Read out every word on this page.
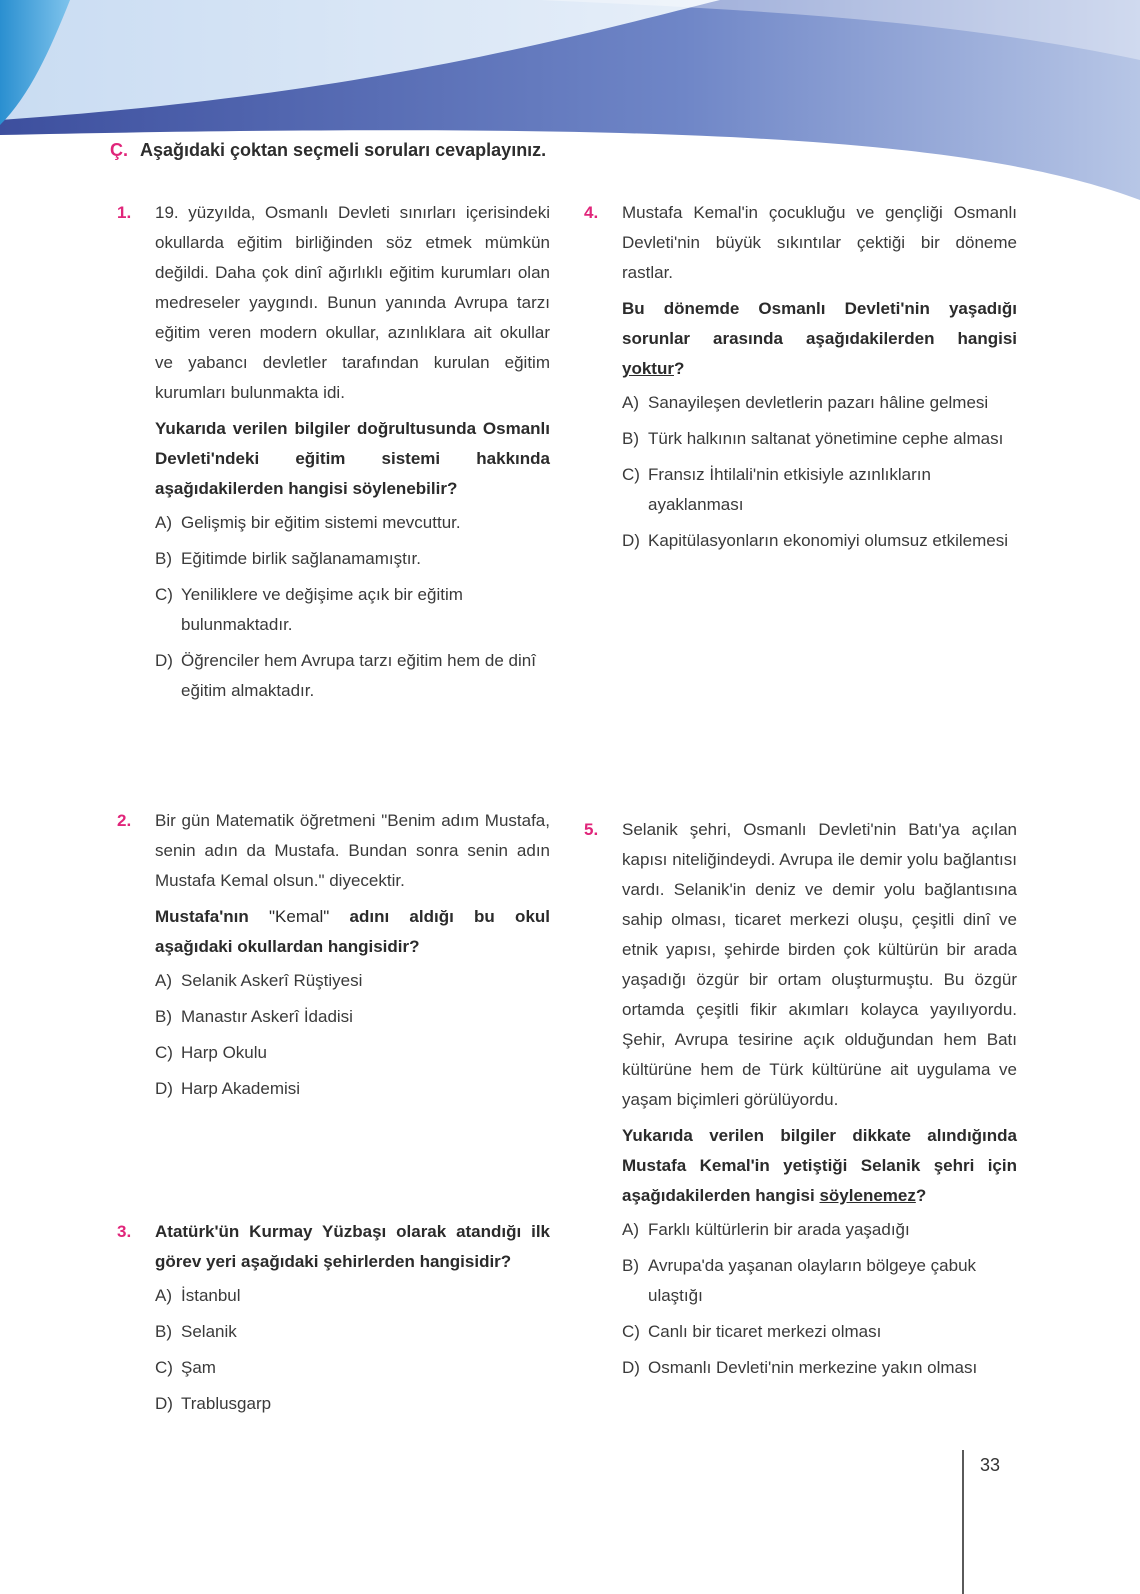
Ç. Aşağıdaki çoktan seçmeli soruları cevaplayınız.
1. 19. yüzyılda, Osmanlı Devleti sınırları içerisindeki okullarda eğitim birliğinden söz etmek mümkün değildi. Daha çok dinî ağırlıklı eğitim kurumları olan medreseler yaygındı. Bunun yanında Avrupa tarzı eğitim veren modern okullar, azınlıklara ait okullar ve yabancı devletler tarafından kurulan eğitim kurumları bulunmakta idi.

Yukarıda verilen bilgiler doğrultusunda Osmanlı Devleti'ndeki eğitim sistemi hakkında aşağıdakilerden hangisi söylenebilir?

A) Gelişmiş bir eğitim sistemi mevcuttur.
B) Eğitimde birlik sağlanamamıştır.
C) Yeniliklere ve değişime açık bir eğitim bulunmaktadır.
D) Öğrenciler hem Avrupa tarzı eğitim hem de dinî eğitim almaktadır.
2. Bir gün Matematik öğretmeni "Benim adım Mustafa, senin adın da Mustafa. Bundan sonra senin adın Mustafa Kemal olsun." diyecektir.

Mustafa'nın "Kemal" adını aldığı bu okul aşağıdaki okullardan hangisidir?

A) Selanik Askerî Rüştiyesi
B) Manastır Askerî İdadisi
C) Harp Okulu
D) Harp Akademisi
3. Atatürk'ün Kurmay Yüzbaşı olarak atandığı ilk görev yeri aşağıdaki şehirlerden hangisidir?

A) İstanbul
B) Selanik
C) Şam
D) Trablusgarp
4. Mustafa Kemal'in çocukluğu ve gençliği Osmanlı Devleti'nin büyük sıkıntılar çektiği bir döneme rastlar.

Bu dönemde Osmanlı Devleti'nin yaşadığı sorunlar arasında aşağıdakilerden hangisi yoktur?

A) Sanayileşen devletlerin pazarı hâline gelmesi
B) Türk halkının saltanat yönetimine cephe alması
C) Fransız İhtilali'nin etkisiyle azınlıkların ayaklanması
D) Kapitülasyonların ekonomiyi olumsuz etkilemesi
5. Selanik şehri, Osmanlı Devleti'nin Batı'ya açılan kapısı niteliğindeydi. Avrupa ile demir yolu bağlantısı vardı. Selanik'in deniz ve demir yolu bağlantısına sahip olması, ticaret merkezi oluşu, çeşitli dinî ve etnik yapısı, şehirde birden çok kültürün bir arada yaşadığı özgür bir ortam oluşturmuştu. Bu özgür ortamda çeşitli fikir akımları kolayca yayılıyordu. Şehir, Avrupa tesirine açık olduğundan hem Batı kültürüne hem de Türk kültürüne ait uygulama ve yaşam biçimleri görülüyordu.

Yukarıda verilen bilgiler dikkate alındığında Mustafa Kemal'in yetiştiği Selanik şehri için aşağıdakilerden hangisi söylenemez?

A) Farklı kültürlerin bir arada yaşadığı
B) Avrupa'da yaşanan olayların bölgeye çabuk ulaştığı
C) Canlı bir ticaret merkezi olması
D) Osmanlı Devleti'nin merkezine yakın olması
33
